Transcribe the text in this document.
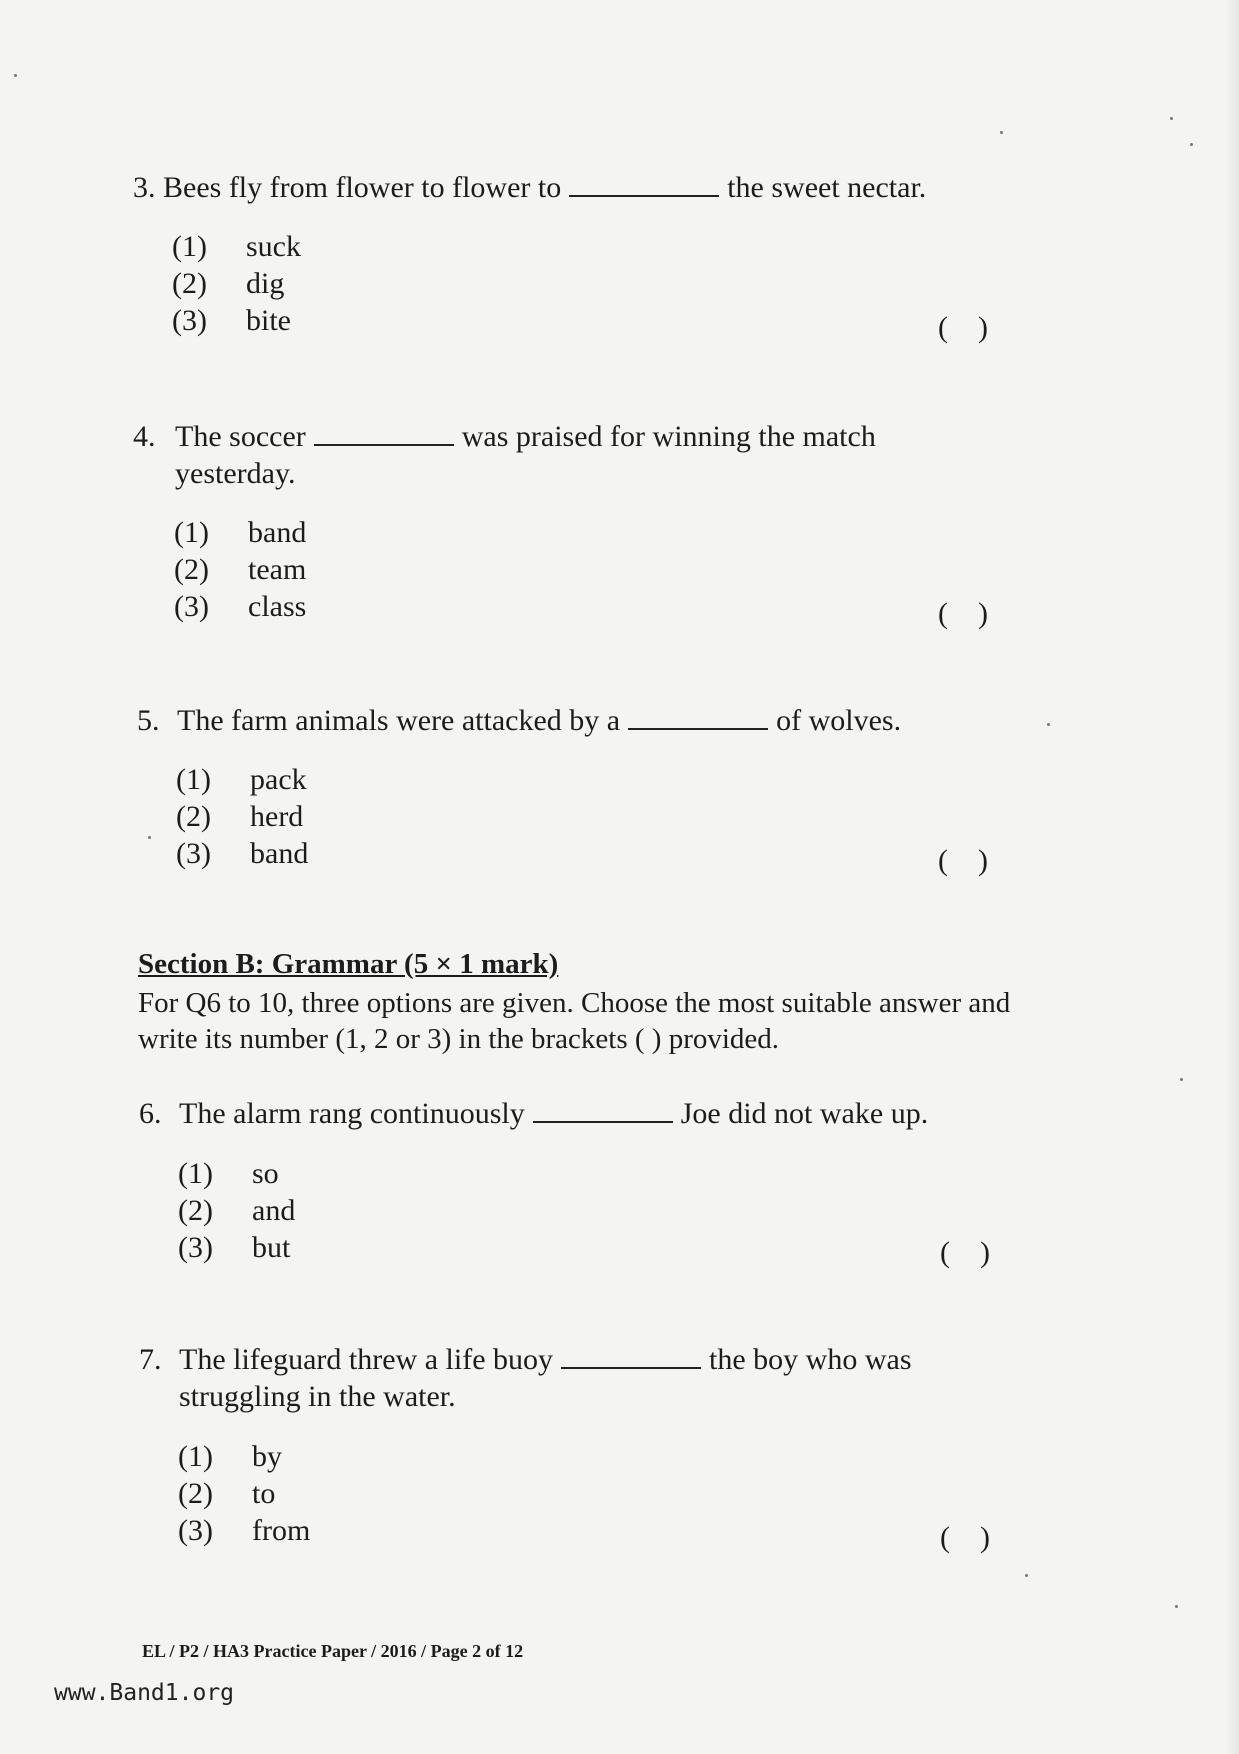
3. Bees fly from flower to flower to	the sweet nectar.
(1) suck
(2) dig
(3) bite	(    )
4. The soccer	was praised for winning the match
yesterday.
(1) band
(2) team
(3) class	(    )
5. The farm animals were attacked by a	of wolves.
(1) pack
(2) herd
(3) band	(    )
Section B: Grammar (5 × 1 mark)
For Q6 to 10, three options are given. Choose the most suitable answer and write its number (1, 2 or 3) in the brackets ( ) provided.
6. The alarm rang continuously	Joe did not wake up.
(1) so
(2) and
(3) but	(    )
7. The lifeguard threw a life buoy	the boy who was
struggling in the water.
(1) by
(2) to
(3) from	(    )
EL / P2 / HA3 Practice Paper / 2016 / Page 2 of 12
www.Band1.org
